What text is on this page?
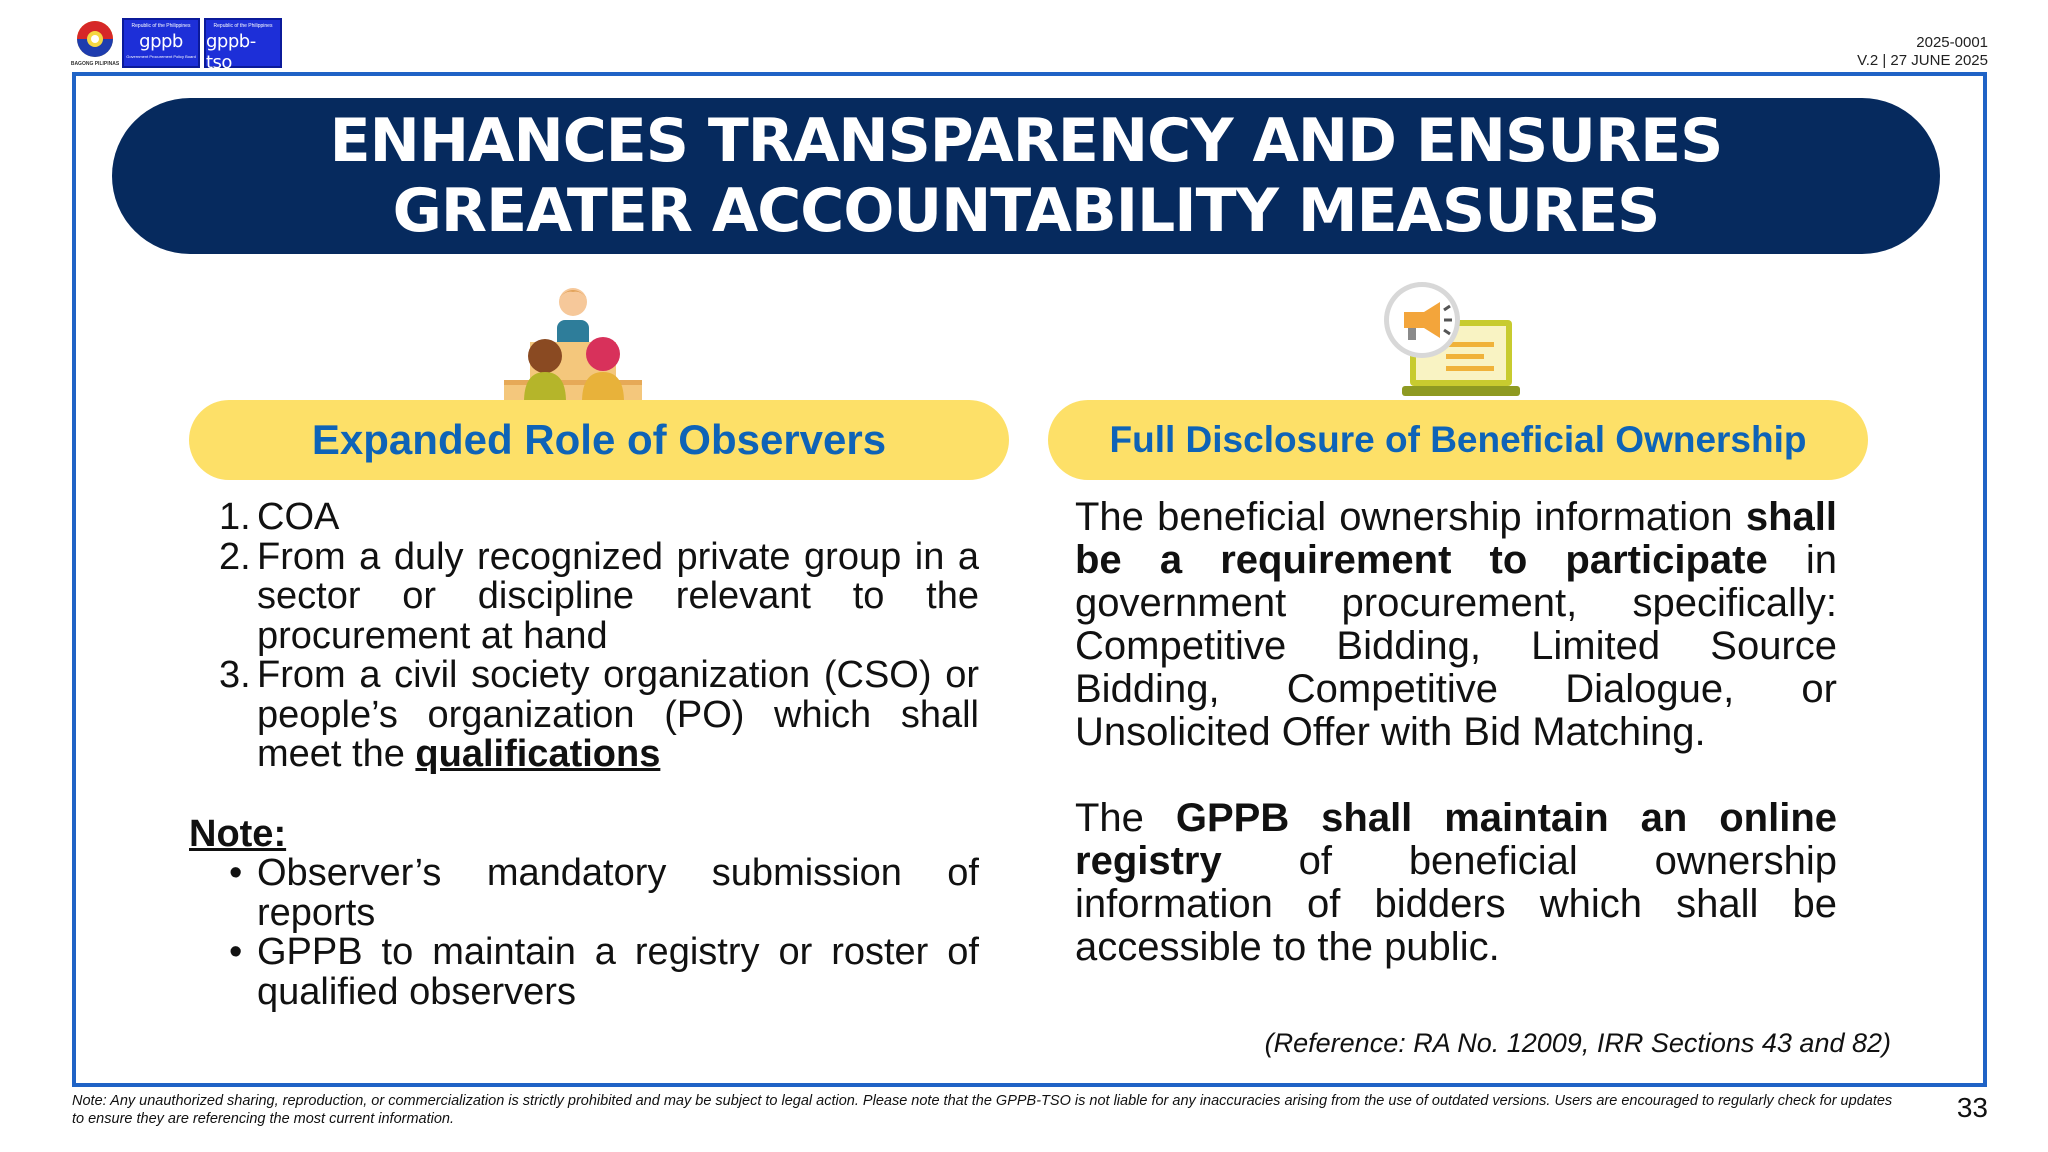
BAGONG PILIPINAS
Republic of the Philippines
gppb
Government Procurement Policy Board
Republic of the Philippines
gppb-tso
Government Procurement Policy Board Technical Support Office
2025-0001
V.2 | 27 JUNE 2025
ENHANCES TRANSPARENCY AND ENSURES
GREATER ACCOUNTABILITY MEASURES
Expanded Role of Observers	Full Disclosure of Beneficial Ownership
1. COA
2. From a duly recognized private group in a sector or discipline relevant to the procurement at hand
3. From a civil society organization (CSO) or people’s organization (PO) which shall meet the qualifications
Note:
• Observer’s mandatory submission of reports
• GPPB to maintain a registry or roster of qualified observers

The beneficial ownership information shall be a requirement to participate in government procurement, specifically: Competitive Bidding, Limited Source Bidding, Competitive Dialogue, or Unsolicited Offer with Bid Matching.

The GPPB shall maintain an online registry of beneficial ownership information of bidders which shall be accessible to the public.

(Reference: RA No. 12009, IRR Sections 43 and 82)
Note: Any unauthorized sharing, reproduction, or commercialization is strictly prohibited and may be subject to legal action. Please note that the GPPB-TSO is not liable for any inaccuracies arising from the use of outdated versions. Users are encouraged to regularly check for updates to ensure they are referencing the most current information.	33
